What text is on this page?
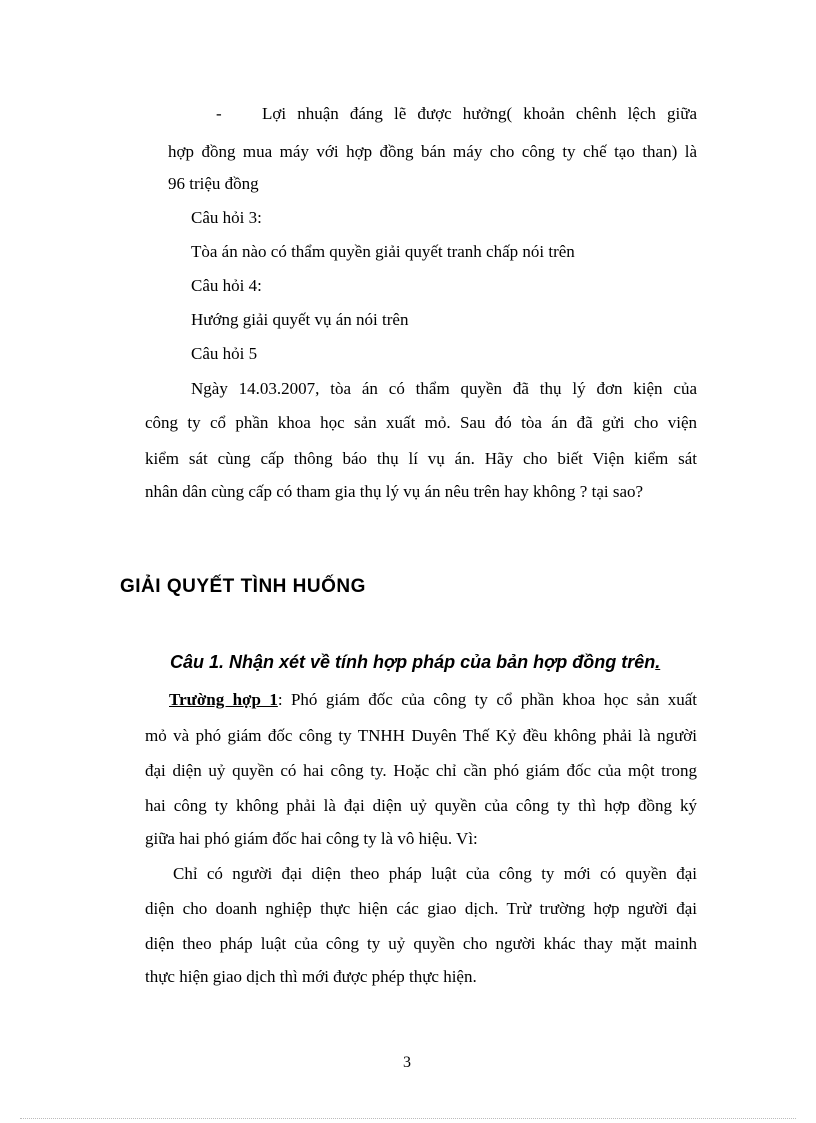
- Lợi nhuận đáng lẽ được hưởng( khoản chênh lệch giữa
hợp đồng mua máy với hợp đồng bán máy cho công ty chế tạo than) là
96 triệu đồng
Câu hỏi 3:
Tòa án nào có thẩm quyền giải quyết tranh chấp nói trên
Câu hỏi 4:
Hướng giải quyết vụ án nói trên
Câu hỏi 5
Ngày 14.03.2007, tòa án có thẩm quyền đã thụ lý đơn kiện của
công ty cổ phần khoa học sản xuất mỏ. Sau đó tòa án đã gửi cho viện
kiểm sát cùng cấp thông báo thụ lí vụ án. Hãy cho biết Viện kiểm sát
nhân dân cùng cấp có tham gia thụ lý vụ án nêu trên hay không ? tại sao?
GIẢI QUYẾT TÌNH HUỐNG
Câu 1. Nhận xét về tính hợp pháp của bản hợp đồng trên.
Trường hợp 1: Phó giám đốc của công ty cổ phần khoa học sản xuất
mỏ và phó giám đốc công ty TNHH Duyên Thế Kỷ đều không phải là người
đại diện uỷ quyền có hai công ty. Hoặc chỉ cần phó giám đốc của một trong
hai công ty không phải là đại diện uỷ quyền của công ty thì hợp đồng ký
giữa hai phó giám đốc hai công ty là vô hiệu. Vì:
Chỉ có người đại diện theo pháp luật của công ty mới có quyền đại
diện cho doanh nghiệp thực hiện các giao dịch. Trừ trường hợp người đại
diện theo pháp luật của công ty uỷ quyền cho người khác thay mặt mainh
thực hiện giao dịch thì mới được phép thực hiện.
3
